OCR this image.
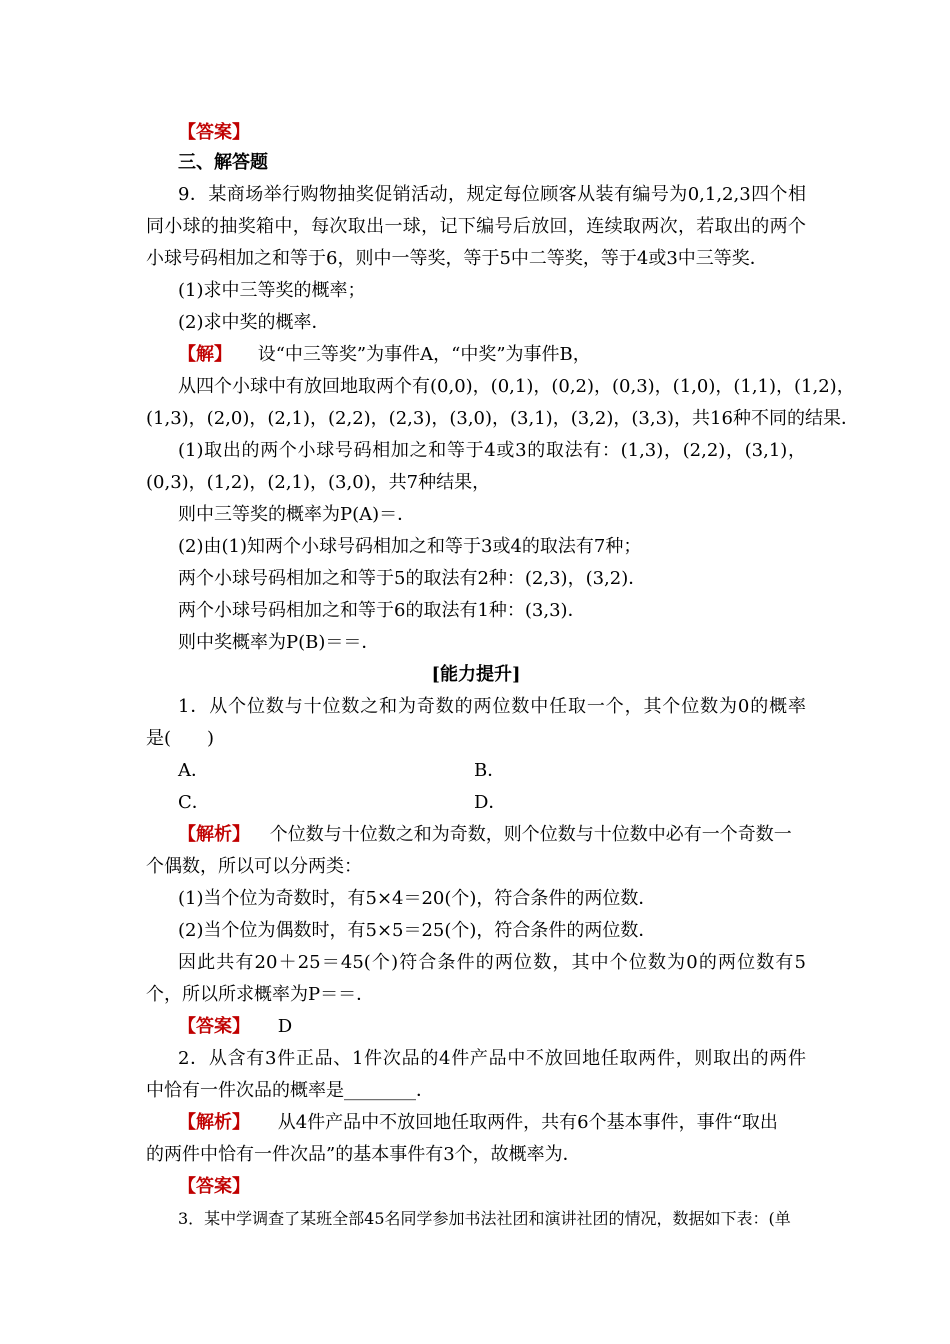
【答案】
三、解答题
9．某商场举行购物抽奖促销活动，规定每位顾客从装有编号为0,1,2,3四个相
同小球的抽奖箱中，每次取出一球，记下编号后放回，连续取两次，若取出的两个
小球号码相加之和等于6，则中一等奖，等于5中二等奖，等于4或3中三等奖．
(1)求中三等奖的概率；
(2)求中奖的概率．
【解】 设“中三等奖”为事件A，“中奖”为事件B，
从四个小球中有放回地取两个有(0,0)，(0,1)，(0,2)，(0,3)，(1,0)，(1,1)，(1,2)，
(1,3)，(2,0)，(2,1)，(2,2)，(2,3)，(3,0)，(3,1)，(3,2)，(3,3)，共16种不同的结果．
(1)取出的两个小球号码相加之和等于4或3的取法有：(1,3)，(2,2)，(3,1)，
(0,3)，(1,2)，(2,1)，(3,0)，共7种结果，
则中三等奖的概率为P(A)＝．
(2)由(1)知两个小球号码相加之和等于3或4的取法有7种；
两个小球号码相加之和等于5的取法有2种：(2,3)，(3,2)．
两个小球号码相加之和等于6的取法有1种：(3,3)．
则中奖概率为P(B)＝＝．
[能力提升]
1．从个位数与十位数之和为奇数的两位数中任取一个，其个位数为0的概率
是(　　)
A．	B．
C．	D．
【解析】 个位数与十位数之和为奇数，则个位数与十位数中必有一个奇数一
个偶数，所以可以分两类：
(1)当个位为奇数时，有5×4＝20(个)，符合条件的两位数．
(2)当个位为偶数时，有5×5＝25(个)，符合条件的两位数．
因此共有20＋25＝45(个)符合条件的两位数，其中个位数为0的两位数有5
个，所以所求概率为P＝＝．
【答案】 D
2．从含有3件正品、1件次品的4件产品中不放回地任取两件，则取出的两件
中恰有一件次品的概率是________．
【解析】 从4件产品中不放回地任取两件，共有6个基本事件，事件“取出
的两件中恰有一件次品”的基本事件有3个，故概率为．
【答案】
3．某中学调查了某班全部45名同学参加书法社团和演讲社团的情况，数据如下表：(单
